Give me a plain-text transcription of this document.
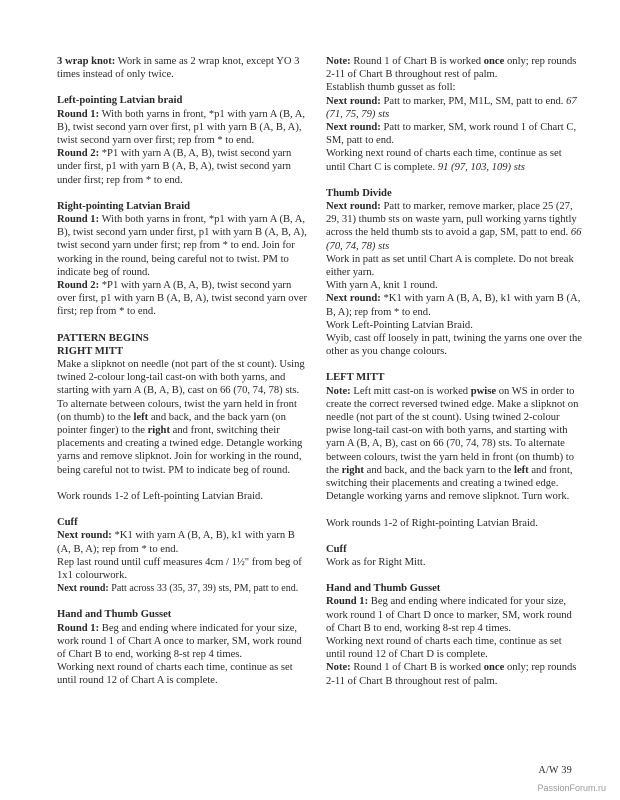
3 wrap knot: Work in same as 2 wrap knot, except YO 3 times instead of only twice.

Left-pointing Latvian braid

Round 1: With both yarns in front, *p1 with yarn A (B, A, B), twist second yarn over first, p1 with yarn B (A, B, A), twist second yarn over first; rep from * to end.

Round 2: *P1 with yarn A (B, A, B), twist second yarn under first, p1 with yarn B (A, B, A), twist second yarn under first; rep from * to end.

Right-pointing Latvian Braid

Round 1: With both yarns in front, *p1 with yarn A (B, A, B), twist second yarn under first, p1 with yarn B (A, B, A), twist second yarn under first; rep from * to end. Join for working in the round, being careful not to twist. PM to indicate beg of round.

Round 2: *P1 with yarn A (B, A, B), twist second yarn over first, p1 with yarn B (A, B, A), twist second yarn over first; rep from * to end.

PATTERN BEGINS

RIGHT MITT

Make a slipknot on needle (not part of the st count). Using twined 2-colour long-tail cast-on with both yarns, and starting with yarn A (B, A, B), cast on 66 (70, 74, 78) sts. To alternate between colours, twist the yarn held in front (on thumb) to the left and back, and the back yarn (on pointer finger) to the right and front, switching their placements and creating a twined edge. Detangle working yarns and remove slipknot. Join for working in the round, being careful not to twist. PM to indicate beg of round.

Work rounds 1-2 of Left-pointing Latvian Braid.

Cuff

Next round: *K1 with yarn A (B, A, B), k1 with yarn B (A, B, A); rep from * to end.

Rep last round until cuff measures 4cm / 1½" from beg of 1x1 colourwork.

Next round: Patt across 33 (35, 37, 39) sts, PM, patt to end.

Hand and Thumb Gusset

Round 1: Beg and ending where indicated for your size, work round 1 of Chart A once to marker, SM, work round of Chart B to end, working 8-st rep 4 times.

Working next round of charts each time, continue as set until round 12 of Chart A is complete.

Note: Round 1 of Chart B is worked once only; rep rounds 2-11 of Chart B throughout rest of palm.

Establish thumb gusset as foll:

Next round: Patt to marker, PM, M1L, SM, patt to end. 67 (71, 75, 79) sts

Next round: Patt to marker, SM, work round 1 of Chart C, SM, patt to end.

Working next round of charts each time, continue as set until Chart C is complete. 91 (97, 103, 109) sts

Thumb Divide

Next round: Patt to marker, remove marker, place 25 (27, 29, 31) thumb sts on waste yarn, pull working yarns tightly across the held thumb sts to avoid a gap, SM, patt to end. 66 (70, 74, 78) sts

Work in patt as set until Chart A is complete. Do not break either yarn.

With yarn A, knit 1 round.

Next round: *K1 with yarn A (B, A, B), k1 with yarn B (A, B, A); rep from * to end.

Work Left-Pointing Latvian Braid.

Wyib, cast off loosely in patt, twining the yarns one over the other as you change colours.

LEFT MITT

Note: Left mitt cast-on is worked pwise on WS in order to create the correct reversed twined edge. Make a slipknot on needle (not part of the st count). Using twined 2-colour pwise long-tail cast-on with both yarns, and starting with yarn A (B, A, B), cast on 66 (70, 74, 78) sts. To alternate between colours, twist the yarn held in front (on thumb) to the right and back, and the back yarn to the left and front, switching their placements and creating a twined edge. Detangle working yarns and remove slipknot. Turn work.

Work rounds 1-2 of Right-pointing Latvian Braid.

Cuff

Work as for Right Mitt.

Hand and Thumb Gusset

Round 1: Beg and ending where indicated for your size, work round 1 of Chart D once to marker, SM, work round of Chart B to end, working 8-st rep 4 times.

Working next round of charts each time, continue as set until round 12 of Chart D is complete.

Note: Round 1 of Chart B is worked once only; rep rounds 2-11 of Chart B throughout rest of palm.

A/W 39
PassionForum.ru
